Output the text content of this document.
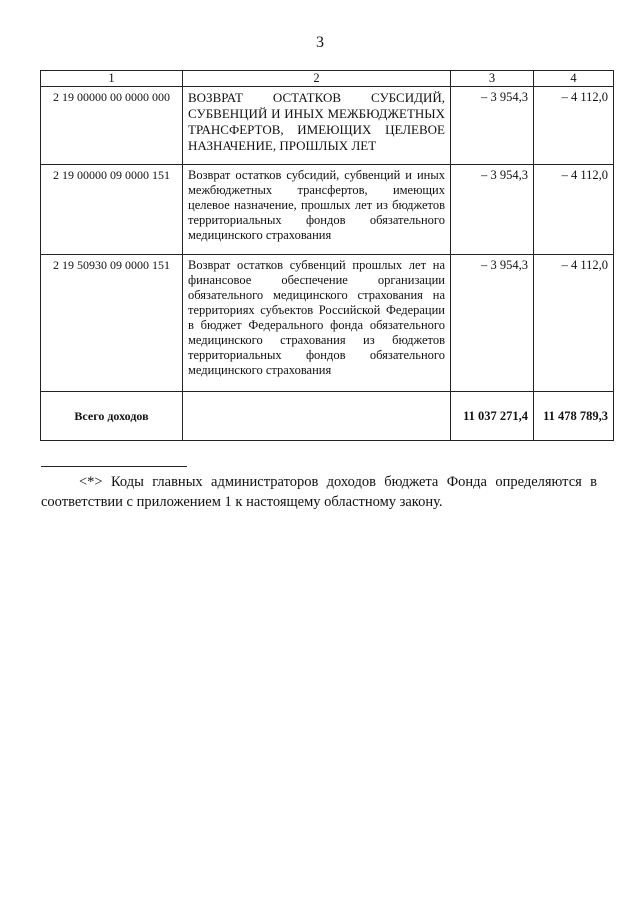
3
1	2	3	4
2 19 00000 00 0000 000	ВОЗВРАТ ОСТАТКОВ СУБСИДИЙ, СУБВЕНЦИЙ И ИНЫХ МЕЖБЮДЖЕТНЫХ ТРАНСФЕРТОВ, ИМЕЮЩИХ ЦЕЛЕВОЕ НАЗНАЧЕНИЕ, ПРОШЛЫХ ЛЕТ	– 3 954,3	– 4 112,0
2 19 00000 09 0000 151	Возврат остатков субсидий, субвенций и иных межбюджетных трансфертов, имеющих целевое назначение, прошлых лет из бюджетов территориальных фондов обязательного медицинского страхования	– 3 954,3	– 4 112,0
2 19 50930 09 0000 151	Возврат остатков субвенций прошлых лет на финансовое обеспечение организации обязательного медицинского страхования на территориях субъектов Российской Федерации в бюджет Федерального фонда обязательного медицинского страхования из бюджетов территориальных фондов обязательного медицинского страхования	– 3 954,3	– 4 112,0
Всего доходов		11 037 271,4	11 478 789,3
<*> Коды главных администраторов доходов бюджета Фонда определяются в соответствии с приложением 1 к настоящему областному закону.
